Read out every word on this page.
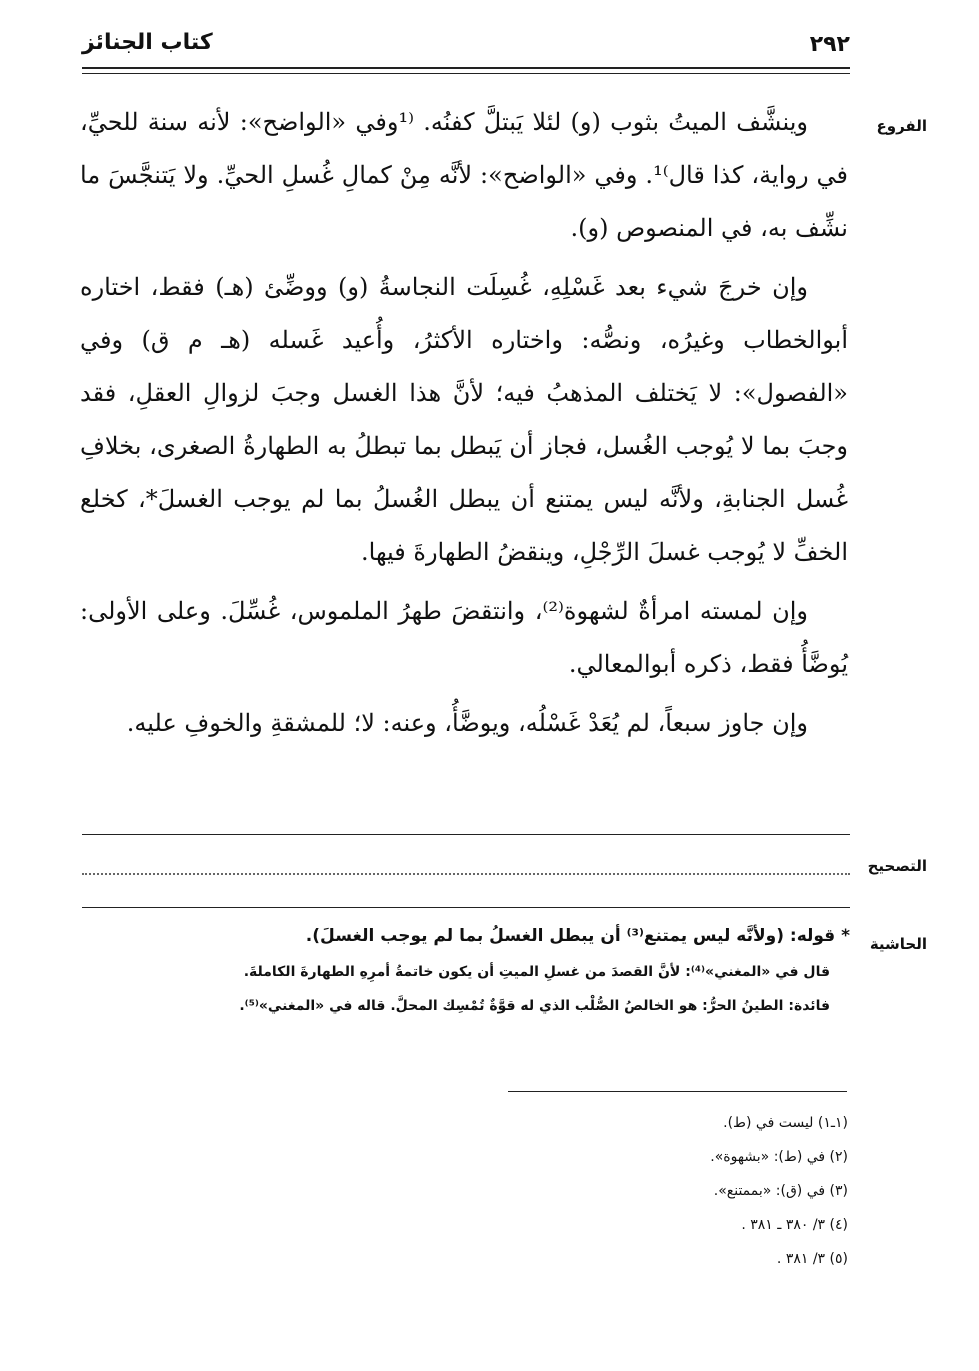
٢٩٢
كتاب الجنائز
الفروع

وينشَّف الميتُ بثوب (و) لئلا يَبتلَّ كفنُه. ⁽¹وفي «الواضح»: لأنه سنة للحيِّ، في رواية، كذا قال⁾¹. وفي «الواضح»: لأنَّه مِنْ كمالِ غُسلِ الحيِّ. ولا يَتنجَّسَ ما نشِّف به، في المنصوص (و).

وإن خرجَ شيء بعد غَسْلِهِ، غُسِلَت النجاسةُ (و) ووضِّئ (هـ) فقط، اختاره أبوالخطاب وغيرُه، ونصُّه: واختاره الأكثرُ، وأُعيد غَسله (هـ م ق) وفي «الفصول»: لا يَختلف المذهبُ فيه؛ لأنَّ هذا الغسل وجبَ لزوالِ العقلِ، فقد وجبَ بما لا يُوجب الغُسل، فجاز أن يَبطل بما تبطلُ به الطهارةُ الصغرى، بخلافِ غُسل الجنابةِ، ولأنَّه ليس يمتنع أن يبطل الغُسلُ بما لم يوجب الغسلَ*، كخلع الخفِّ لا يُوجب غسلَ الرِّجْلِ، وينقضُ الطهارةَ فيها.

وإن لمسته امرأةٌ لشهوة⁽²⁾، وانتقضَ طهرُ الملموس، غُسِّلَ. وعلى الأولى: يُوضَّأُ فقط، ذكره أبوالمعالي.

وإن جاوز سبعاً، لم يُعَدْ غَسْلُه، ويوضَّأُ، وعنه: لا؛ للمشقةِ والخوفِ عليه.

التصحيح
الحاشية
* قوله: (ولأنَّه ليس يمتنع⁽³⁾ أن يبطل الغسلُ بما لم يوجب الغسلَ).
قال في «المغني»⁽⁴⁾: لأنَّ القصدَ من غسلِ الميتِ أن يكون خاتمةُ أمرِهِ الطهارةَ الكاملةَ.
فائدة: الطينُ الحرُّ: هو الخالصُ الصُّلْب الذي له قوَّةٌ تُمْسِك المحلَّ. قاله في «المغني»⁽⁵⁾.
(١ـ١) ليست في (ط).
(٢) في (ط): «بشهوة».
(٣) في (ق): «بممتنع».
(٤) ٣/ ٣٨٠ ـ ٣٨١ .
(٥) ٣/ ٣٨١ .
